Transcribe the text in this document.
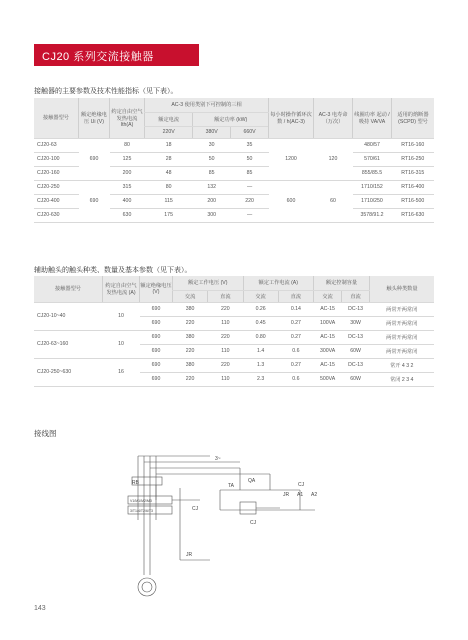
CJ20 系列交流接触器
接触器的主要参数及技术性能指标（见下表）。
接触器型号	额定绝缘电压 Ui (V)	约定自由空气发热电流 Ith(A)	AC-3 使用类别下可控制的三相			每小时操作循环次数 / h(AC-3)	AC-3 电寿命（万次）	线圈功率 起动 / 吸持 VA/VA	适用的熔断器 (SCPD) 型号
			额定电流	额定功率 (kW)					
			220V	380V	660V				
CJ20-63	690	80	18	30	35	1200	120	480/57	RT16-160
CJ20-100		125	28	50	50			570/61	RT16-250
CJ20-160		200	48	85	85			855/85.5	RT16-315
CJ20-250	690	315	80	132	—	600	60	1710/152	RT16-400
CJ20-400		400	115	200	220			1710/250	RT16-500
CJ20-630		630	175	300	—			3578/91.2	RT16-630
辅助触头的触头种类、数量及基本参数（见下表）。
接触器型号	约定自由空气发热电流 (A)	额定绝缘电压 (V)	额定工作电压 (V)		额定工作电流 (A)		额定控制容量		触头种类数量
			交流	直流	交流	直流	交流	直流	
CJ20-10~40	10	690	380	220	0.26	0.14	AC-15	DC-13	两常开两常闭
		690	220	110	0.45	0.27	100VA	30W	两常开两常闭
CJ20-63~160	10	690	380	220	0.80	0.27	AC-15	DC-13	两常开两常闭
		690	220	110	1.4	0.6	300VA	60W	两常开两常闭
CJ20-250~630	16	690	380	220	1.3	0.27	AC-15	DC-13	常开 4 3 2
		690	220	110	2.3	0.6	500VA	60W	常闭 2 3 4
接线图
3~
RB	TA
QA
CJ
JR A1 A2
V1/M1/M2/M3
3/T1/4/T2/6/T3	CJ
CJ
JR
143
